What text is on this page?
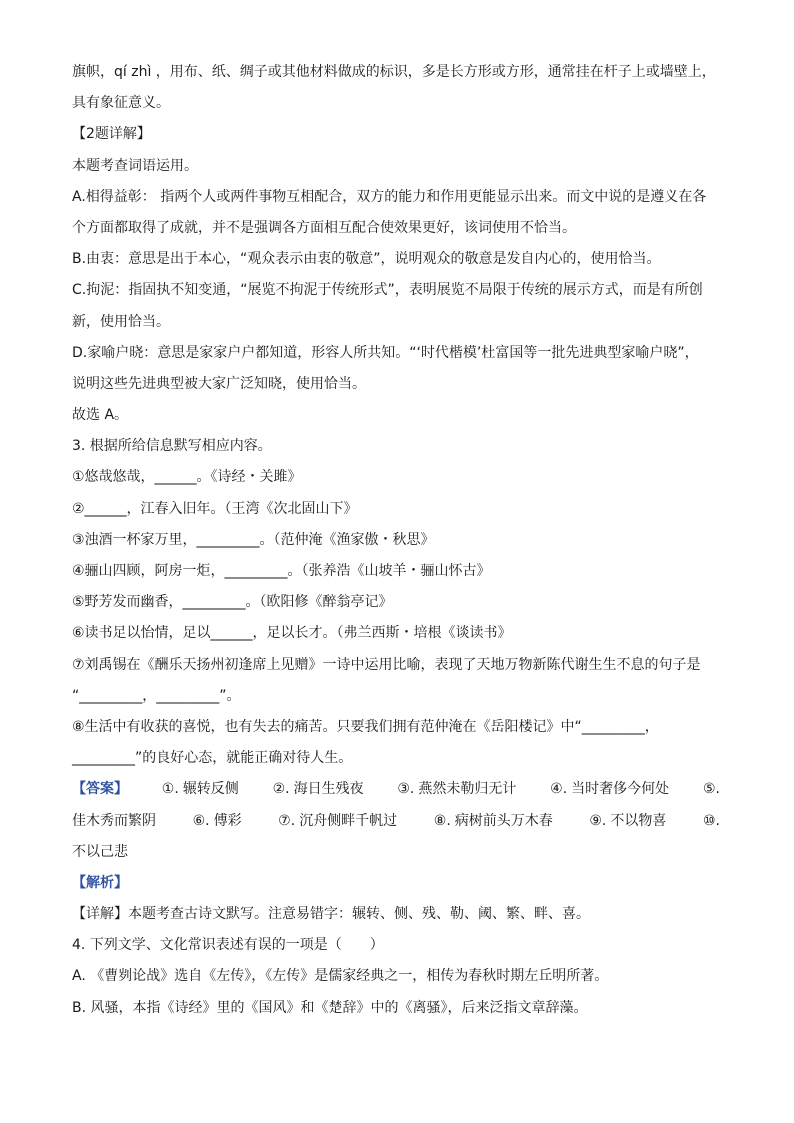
旗帜，qí zhì ，用布、纸、绸子或其他材料做成的标识，多是长方形或方形，通常挂在杆子上或墙壁上，
具有象征意义。
【2题详解】
本题考查词语运用。
A.相得益彰： 指两个人或两件事物互相配合，双方的能力和作用更能显示出来。而文中说的是遵义在各
个方面都取得了成就，并不是强调各方面相互配合使效果更好，该词使用不恰当。
B.由衷：意思是出于本心，“观众表示由衷的敬意”，说明观众的敬意是发自内心的，使用恰当。
C.拘泥：指固执不知变通，“展览不拘泥于传统形式”，表明展览不局限于传统的展示方式，而是有所创
新，使用恰当。
D.家喻户晓：意思是家家户户都知道，形容人所共知。“‘时代楷模’杜富国等一批先进典型家喻户晓”，
说明这些先进典型被大家广泛知晓，使用恰当。
故选 A。
3. 根据所给信息默写相应内容。
①悠哉悠哉，______。《诗经・关雎》
②______，江春入旧年。（王湾《次北固山下》
③浊酒一杯家万里，_________。（范仲淹《渔家傲・秋思》
④骊山四顾，阿房一炬，_________。（张养浩《山坡羊・骊山怀古》
⑤野芳发而幽香，_________。（欧阳修《醉翁亭记》
⑥读书足以怡情，足以______，足以长才。（弗兰西斯・培根《谈读书》
⑦刘禹锡在《酬乐天扬州初逢席上见赠》一诗中运用比喻，表现了天地万物新陈代谢生生不息的句子是
“_________，_________”。
⑧生活中有收获的喜悦，也有失去的痛苦。只要我们拥有范仲淹在《岳阳楼记》中“_________，
_________”的良好心态，就能正确对待人生。
【答案】 ①. 辗转反侧 ②. 海日生残夜 ③. 燕然未勒归无计 ④. 当时奢侈今何处 ⑤.
佳木秀而繁阴	⑥. 傅彩	⑦. 沉舟侧畔千帆过	⑧. 病树前头万木春	⑨. 不以物喜	⑩.
不以己悲
【解析】
【详解】本题考查古诗文默写。注意易错字：辗转、侧、残、勒、阈、繁、畔、喜。
4. 下列文学、文化常识表述有误的一项是（　　）
A. 《曹刿论战》选自《左传》，《左传》是儒家经典之一，相传为春秋时期左丘明所著。
B. 风骚，本指《诗经》里的《国风》和《楚辞》中的《离骚》，后来泛指文章辞藻。
